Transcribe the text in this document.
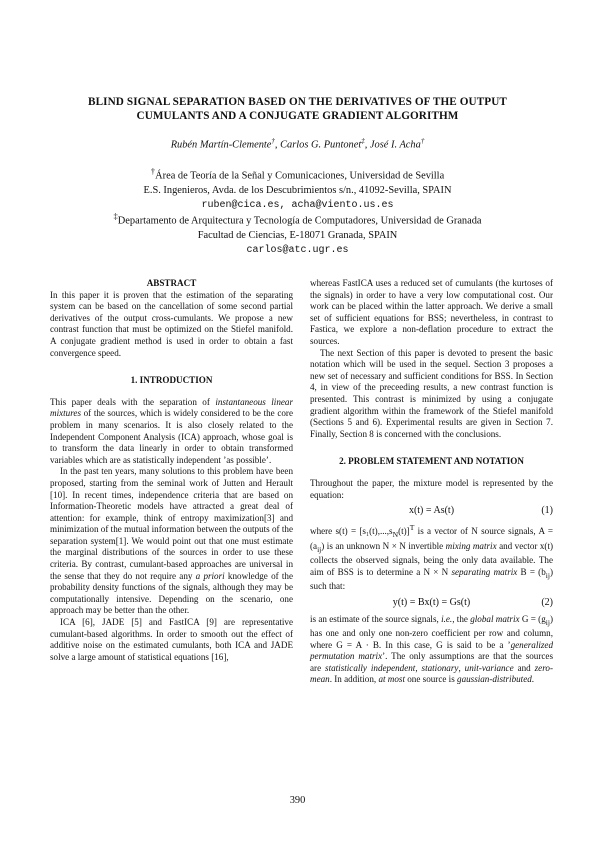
BLIND SIGNAL SEPARATION BASED ON THE DERIVATIVES OF THE OUTPUT
CUMULANTS AND A CONJUGATE GRADIENT ALGORITHM
Rubén Martín-Clemente†, Carlos G. Puntonet‡, José I. Acha†
†Área de Teoría de la Señal y Comunicaciones, Universidad de Sevilla
E.S. Ingenieros, Avda. de los Descubrimientos s/n., 41092-Sevilla, SPAIN
ruben@cica.es, acha@viento.us.es
‡Departamento de Arquitectura y Tecnología de Computadores, Universidad de Granada
Facultad de Ciencias, E-18071 Granada, SPAIN
carlos@atc.ugr.es

ABSTRACT

In this paper it is proven that the estimation of the separating system can be based on the cancellation of some second partial derivatives of the output cross-cumulants. We propose a new contrast function that must be optimized on the Stiefel manifold. A conjugate gradient method is used in order to obtain a fast convergence speed.

1. INTRODUCTION

This paper deals with the separation of instantaneous linear mixtures of the sources, which is widely considered to be the core problem in many scenarios. It is also closely related to the Independent Component Analysis (ICA) approach, whose goal is to transform the data linearly in order to obtain transformed variables which are as statistically independent ’as possible’.

In the past ten years, many solutions to this problem have been proposed, starting from the seminal work of Jutten and Herault [10]. In recent times, independence criteria that are based on Information-Theoretic models have attracted a great deal of attention: for example, think of entropy maximization[3] and minimization of the mutual information between the outputs of the separation system[1]. We would point out that one must estimate the marginal distributions of the sources in order to use these criteria. By contrast, cumulant-based approaches are universal in the sense that they do not require any a priori knowledge of the probability density functions of the signals, although they may be computationally intensive. Depending on the scenario, one approach may be better than the other.

ICA [6], JADE [5] and FastICA [9] are representative cumulant-based algorithms. In order to smooth out the effect of additive noise on the estimated cumulants, both ICA and JADE solve a large amount of statistical equations [16],

whereas FastICA uses a reduced set of cumulants (the kurtoses of the signals) in order to have a very low computational cost. Our work can be placed within the latter approach. We derive a small set of sufficient equations for BSS; nevertheless, in contrast to Fastica, we explore a non-deflation procedure to extract the sources.

The next Section of this paper is devoted to present the basic notation which will be used in the sequel. Section 3 proposes a new set of necessary and sufficient conditions for BSS. In Section 4, in view of the preceeding results, a new contrast function is presented. This contrast is minimized by using a conjugate gradient algorithm within the framework of the Stiefel manifold (Sections 5 and 6). Experimental results are given in Section 7. Finally, Section 8 is concerned with the conclusions.

2. PROBLEM STATEMENT AND NOTATION

Throughout the paper, the mixture model is represented by the equation:

x(t) = As(t)	(1)

where $s(t) = [s_1(t),...,s_N(t)]^T$ is a vector of N source signals, $A = (a_{ij})$ is an unknown N × N invertible mixing matrix and vector x(t) collects the observed signals, being the only data available. The aim of BSS is to determine a N × N separating matrix $B = (b_{ij})$ such that:

y(t) = Bx(t) = Gs(t)	(2)

is an estimate of the source signals, i.e., the global matrix $G = (g_{ij})$ has one and only one non-zero coefficient per row and column, where G = A · B. In this case, G is said to be a ’generalized permutation matrix’. The only assumptions are that the sources are statistically independent, stationary, unit-variance and zero-mean. In addition, at most one source is gaussian-distributed.

390
